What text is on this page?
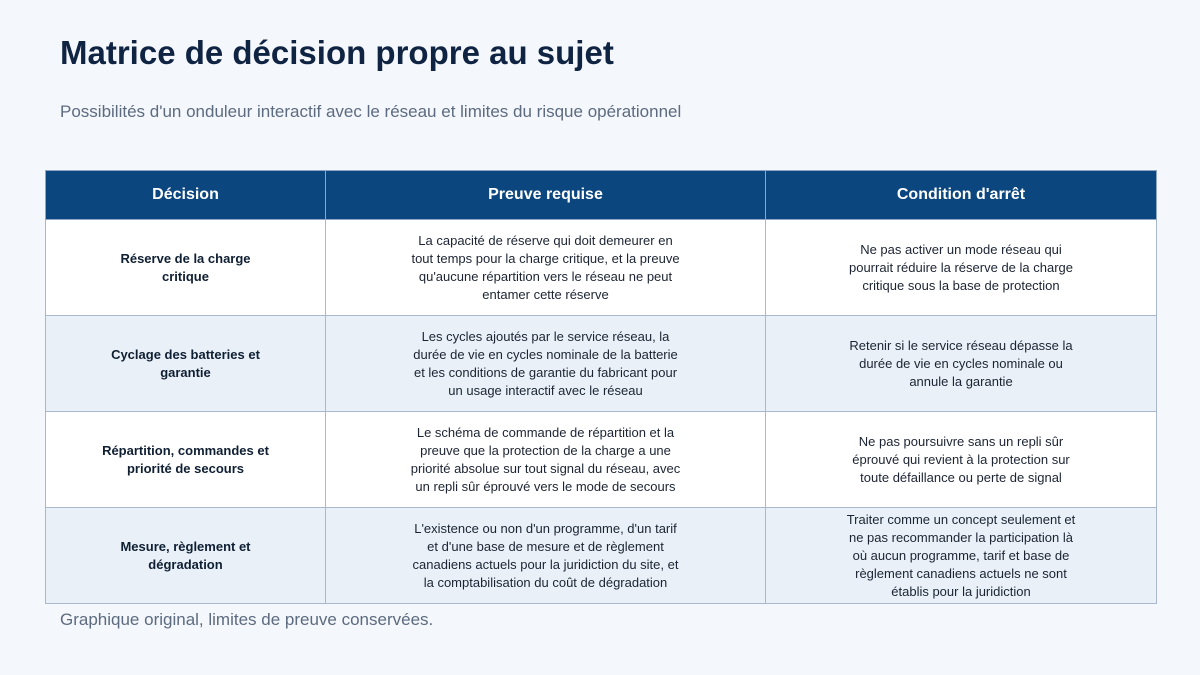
Matrice de décision propre au sujet
Possibilités d'un onduleur interactif avec le réseau et limites du risque opérationnel
Décision	Preuve requise	Condition d'arrêt

Réserve de la charge critique	La capacité de réserve qui doit demeurer en tout temps pour la charge critique, et la preuve qu'aucune répartition vers le réseau ne peut entamer cette réserve	Ne pas activer un mode réseau qui pourrait réduire la réserve de la charge critique sous la base de protection

Cyclage des batteries et garantie	Les cycles ajoutés par le service réseau, la durée de vie en cycles nominale de la batterie et les conditions de garantie du fabricant pour un usage interactif avec le réseau	Retenir si le service réseau dépasse la durée de vie en cycles nominale ou annule la garantie

Répartition, commandes et priorité de secours	Le schéma de commande de répartition et la preuve que la protection de la charge a une priorité absolue sur tout signal du réseau, avec un repli sûr éprouvé vers le mode de secours	Ne pas poursuivre sans un repli sûr éprouvé qui revient à la protection sur toute défaillance ou perte de signal

Mesure, règlement et dégradation	L'existence ou non d'un programme, d'un tarif et d'une base de mesure et de règlement canadiens actuels pour la juridiction du site, et la comptabilisation du coût de dégradation	Traiter comme un concept seulement et ne pas recommander la participation là où aucun programme, tarif et base de règlement canadiens actuels ne sont établis pour la juridiction
Graphique original, limites de preuve conservées.
